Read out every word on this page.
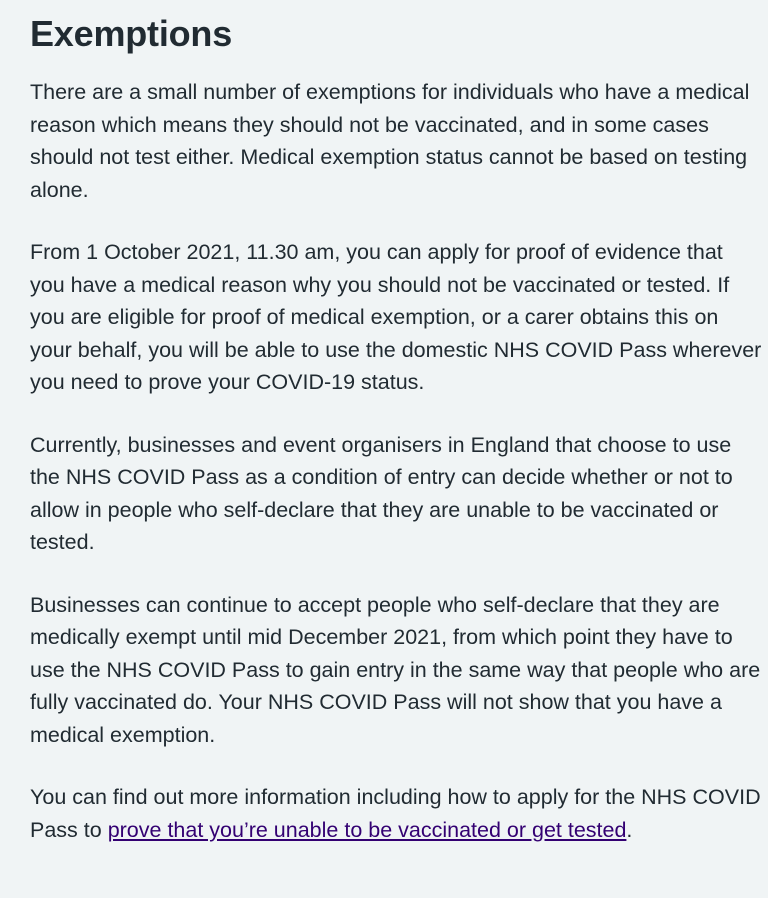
Exemptions

There are a small number of exemptions for individuals who have a medical reason which means they should not be vaccinated, and in some cases should not test either. Medical exemption status cannot be based on testing alone.

From 1 October 2021, 11.30 am, you can apply for proof of evidence that you have a medical reason why you should not be vaccinated or tested. If you are eligible for proof of medical exemption, or a carer obtains this on your behalf, you will be able to use the domestic NHS COVID Pass wherever you need to prove your COVID-19 status.

Currently, businesses and event organisers in England that choose to use the NHS COVID Pass as a condition of entry can decide whether or not to allow in people who self-declare that they are unable to be vaccinated or tested.

Businesses can continue to accept people who self-declare that they are medically exempt until mid December 2021, from which point they have to use the NHS COVID Pass to gain entry in the same way that people who are fully vaccinated do. Your NHS COVID Pass will not show that you have a medical exemption.

You can find out more information including how to apply for the NHS COVID Pass to prove that you’re unable to be vaccinated or get tested.
